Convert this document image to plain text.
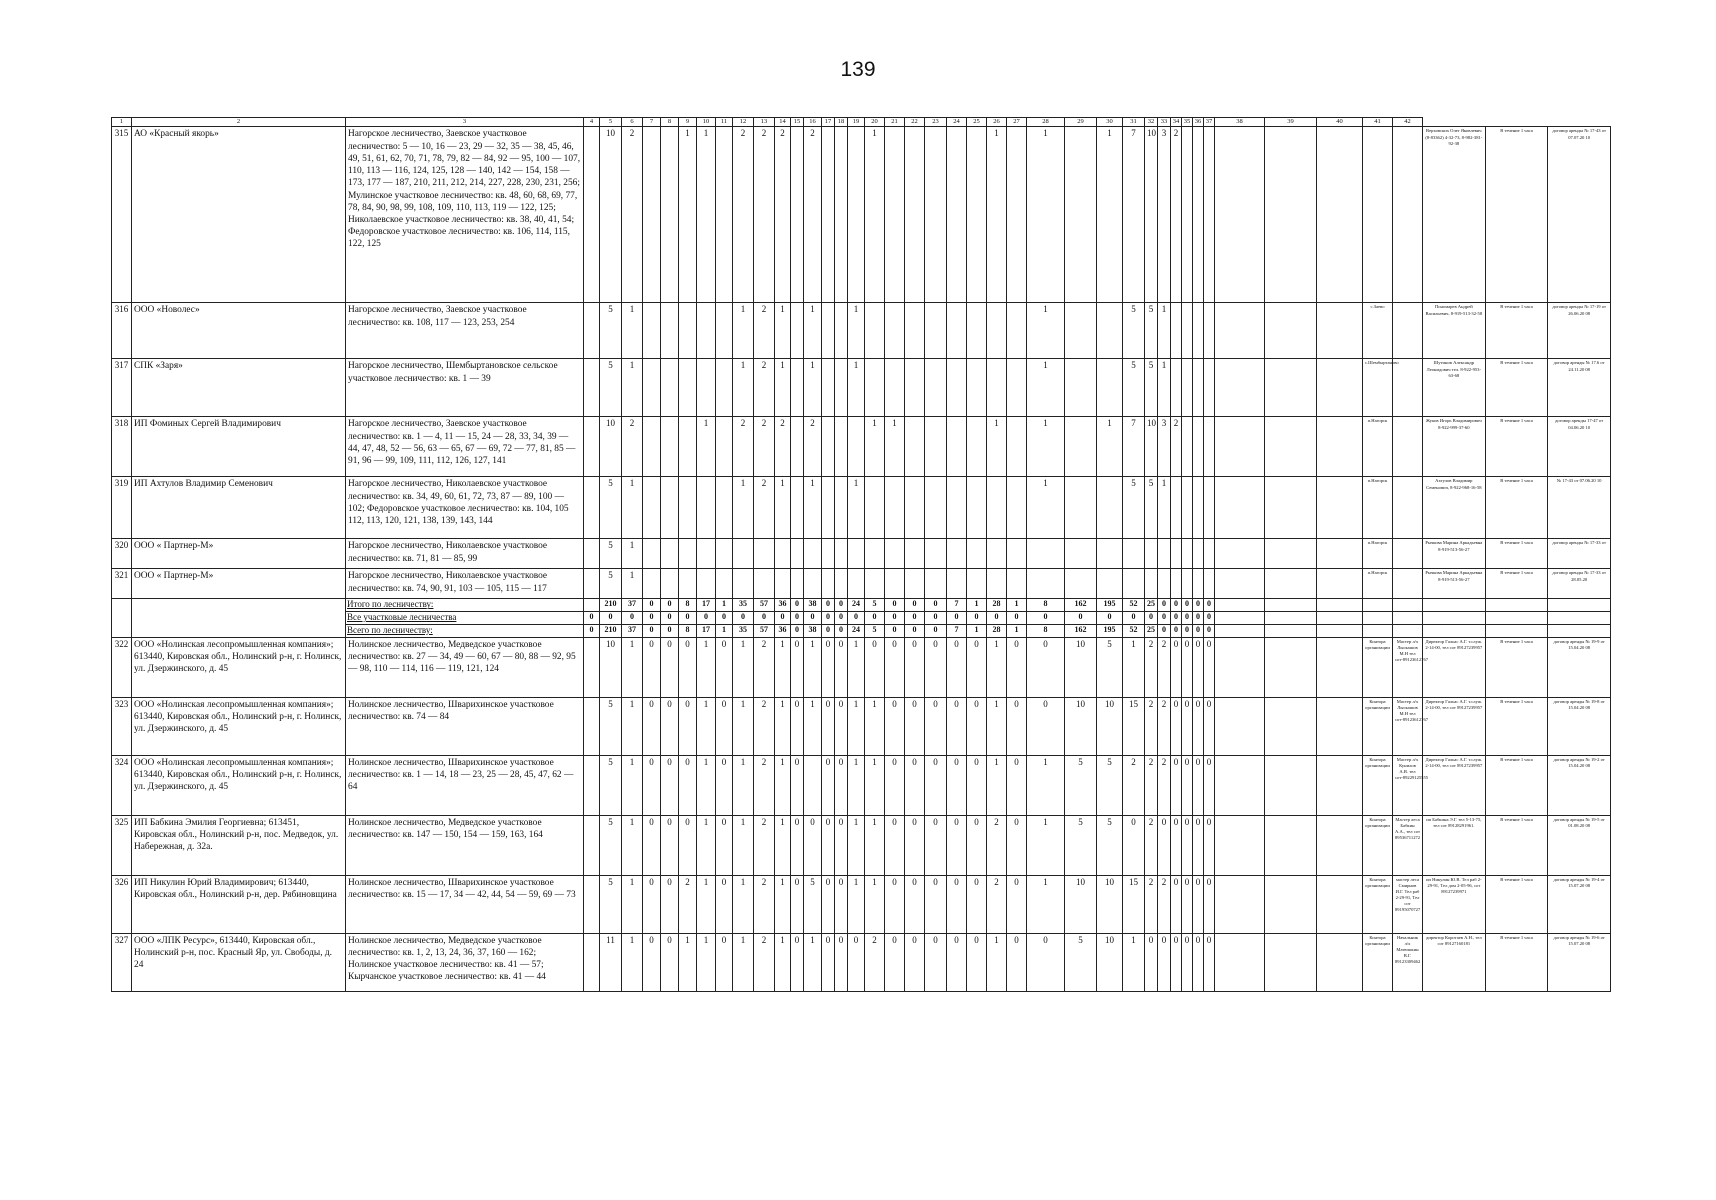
139
1	2	3	4	5	6	7	8	9	10	11	12	13	14	15	16	17	18	19	20	21	22	23	24	25	26	27	28	29	30	31	32	33	34	35	36	37	38	39	40	41	42			
315	АО «Красный якорь»	Нагорское лесничество, Заевское участковое лесничество: 5 — 10, 16 — 23, 29 — 32, 35 — 38, 45, 46, 49, 51, 61, 62, 70, 71, 78, 79, 82 — 84, 92 — 95, 100 — 107, 110, 113 — 116, 124, 125, 128 — 140, 142 — 154, 158 — 173, 177 — 187, 210, 211, 212, 214, 227, 228, 230, 231, 256; Мулинское участковое лесничество: кв. 48, 60, 68, 69, 77, 78, 84, 90, 98, 99, 108, 109, 110, 113, 119 — 122, 125; Николаевское участковое лесничество: кв. 38, 40, 41, 54; Федоровское участковое лесничество: кв. 106, 114, 115, 122, 125		10	2			1	1		2	2	2		2				1						1		1		1	7	10	3	2									Верховских Олег Яковлевич (8-83362) 4-32-73, 8-982-381-92-38	В течение 1 часа	договор аренды № 17-43 от 07.07.20 10
316	ООО «Новолес»	Нагорское лесничество, Заевское участковое лесничество: кв. 108, 117 — 123, 253, 254		5	1						1	2	1		1			1									1			5	5	1								с.Заево		Пономарев Андрей Васильевич, 8-919-513-32-58	В течение 1 часа	договор аренды № 17-19 от 26.06.20 08
317	СПК «Заря»	Нагорское лесничество, Шембыртановское сельское участковое лесничество: кв. 1 — 39		5	1						1	2	1		1			1									1			5	5	1								с.Шембыртаново		Шутинов Александр Леонидович тел. 8-922-953-63-68	В течение 1 часа	договор аренды № 17.6 от 24.11.20 08
318	ИП Фоминых Сергей Владимирович	Нагорское лесничество, Заевское участковое лесничество: кв. 1 — 4, 11 — 15, 24 — 28, 33, 34, 39 — 44, 47, 48, 52 — 56, 63 — 65, 67 — 69, 72 — 77, 81, 85 — 91, 96 — 99, 109, 111, 112, 126, 127, 141		10	2				1		2	2	2		2				1	1					1		1		1	7	10	3	2							п.Нагорск		Жуков Игорь Владимирович 8-922-999-37-60	В течение 1 часа	договор аренды 17-47 от 04.06.20 10
319	ИП Ахтулов Владимир Семенович	Нагорское лесничество, Николаевское участковое лесничество: кв. 34, 49, 60, 61, 72, 73, 87 — 89, 100 — 102; Федоровское участковое лесничество: кв. 104, 105 112, 113, 120, 121, 138, 139, 143, 144		5	1						1	2	1		1			1									1			5	5	1								п.Нагорск		Ахтулов Владимир Семенович, 8-922-968-16-58	В течение 1 часа	№ 17-43 от 07.06.20 10
320	ООО « Партнер-М»	Нагорское лесничество, Николаевское участковое лесничество: кв. 71, 81 — 85, 99		5	1																																			п.Нагорск		Рычкова Марина Аркадьевна 8-919-513-56-27	В течение 1 часа	договор аренды № 17-33 от
321	ООО « Партнер-М»	Нагорское лесничество, Николаевское участковое лесничество: кв. 74, 90, 91, 103 — 105, 115 — 117		5	1																																			п.Нагорск		Рычкова Марина Аркадьевна 8-919-513-56-27	В течение 1 часа	договор аренды № 17-33 от 28.05.20
		Итого по лесничеству:		210	37	0	0	8	17	1	35	57	36	0	38	0	0	24	5	0	0	0	7	1	28	1	8	162	195	52	25	0	0	0	0	0								
		Все участковые лесничества	0	0	0	0	0	0	0	0	0	0	0	0	0	0	0	0	0	0	0	0	0	0	0	0	0	0	0	0	0	0	0	0	0	0								
		Всего по лесничеству:	0	210	37	0	0	8	17	1	35	57	36	0	38	0	0	24	5	0	0	0	7	1	28	1	8	162	195	52	25	0	0	0	0	0								
322	ООО «Нолинская лесопромышленная компания»; 613440, Кировская обл., Нолинский р-н, г. Нолинск, ул. Дзержинского, д. 45	Нолинское лесничество, Медведское участковое лесничество: кв. 27 — 34, 49 — 60, 67 — 80, 88 — 92, 95 — 98, 110 — 114, 116 — 119, 121, 124		10	1	0	0	0	1	0	1	2	1	0	1	0	0	1	0	0	0	0	0	0	1	0	0	10	5	1	2	2	0	0	0	0				Контора организации	Мастер л/х Лыскашов М.Н тел сот-89123612767	Директор Гальас А.Г. т.служ. 2-14-00, тел сот 89127239957	В течение 1 часа	договор аренды № 19-9 от 15.04.20 08
323	ООО «Нолинская лесопромышленная компания»; 613440, Кировская обл., Нолинский р-н, г. Нолинск, ул. Дзержинского, д. 45	Нолинское лесничество, Шварихинское участковое лесничество: кв. 74 — 84		5	1	0	0	0	1	0	1	2	1	0	1	0	0	1	1	0	0	0	0	0	1	0	0	10	10	15	2	2	0	0	0	0				Контора организации	Мастер л/х Лыскашов М.Н тел сот-89123612767	Директор Гальас А.Г. т.служ. 2-14-00, тел сот 89127239957	В течение 1 часа	договор аренды № 19-8 от 15.04.20 08
324	ООО «Нолинская лесопромышленная компания»; 613440, Кировская обл., Нолинский р-н, г. Нолинск, ул. Дзержинского, д. 45	Нолинское лесничество, Шварихинское участковое лесничество: кв. 1 — 14, 18 — 23, 25 — 28, 45, 47, 62 — 64		5	1	0	0	0	1	0	1	2	1	0		0	0	1	1	0	0	0	0	0	1	0	1	5	5	2	2	2	0	0	0	0				Контора организации	Мастер л/х Кунилов А.В. тел сот-89229125555	Директор Гальас А.Г. т.служ. 2-14-00, тел сот 89127239957	В течение 1 часа	договор аренды № 19-2 от 15.04.20 08
325	ИП Бабкина Эмилия Георгиевна; 613451, Кировская обл., Нолинский р-н, пос. Медведок, ул. Набережная, д. 32а.	Нолинское лесничество, Медведское участковое лесничество: кв. 147 — 150, 154 — 159, 163, 164		5	1	0	0	0	1	0	1	2	1	0	0	0	0	1	1	0	0	0	0	0	2	0	1	5	5	0	2	0	0	0	0	0				Контора организации	Мастер леса Бабкин А.А., тел сот 89536711272	ип Бабкина Э.Г. тел 5-13-75, тел сот 89128291961.	В течение 1 часа	договор аренды № 19-5 от 01.08.20 08
326	ИП Никулин Юрий Владимирович; 613440, Кировская обл., Нолинский р-н, дер. Рябиновщина	Нолинское лесничество, Шварихинское участковое лесничество: кв. 15 — 17, 34 — 42, 44, 54 — 59, 69 — 73		5	1	0	0	2	1	0	1	2	1	0	5	0	0	1	1	0	0	0	0	0	2	0	1	10	10	15	2	2	0	0	0	0				Контора организации	мастер леса Смирнов И.Г. Тел раб 2-29-91, Тел сот 89195070727	ип Никулин Ю.В. Тел раб 2-29-91, Тел дом 2-05-96, сот 89127239971	В течение 1 часа	договор аренды № 19-4 от 15.07.20 08
327	ООО «ЛПК Ресурс», 613440, Кировская обл., Нолинский р-н, пос. Красный Яр, ул. Свободы, д. 24	Нолинское лесничество, Медведское участковое лесничество: кв. 1, 2, 13, 24, 36, 37, 160 — 162; Нолинское участковое лесничество: кв. 41 — 57; Кырчанское участковое лесничество: кв. 41 — 44		11	1	0	0	1	1	0	1	2	1	0	1	0	0	0	2	0	0	0	0	0	1	0	0	5	10	1	0	0	0	0	0	0				Контора организации	Начальник л/х Матюшкин В.Г. 89123309462	директор Коротаев А.Н., тел сот 89127160181	В течение 1 часа	договор аренды № 19-6 от 15.07.20 08
